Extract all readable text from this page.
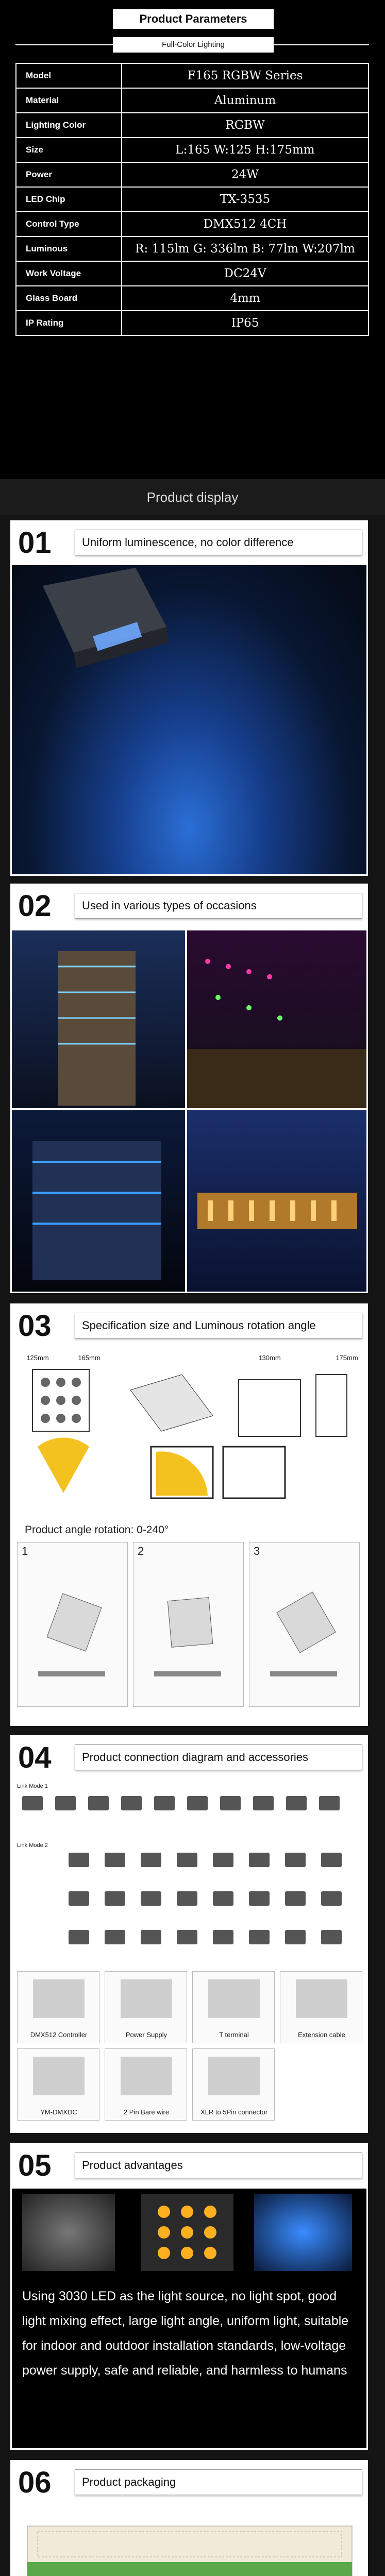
Product Parameters
Full-Color Lighting
Model	F165 RGBW Series
Material	Aluminum
Lighting Color	RGBW
Size	L:165 W:125 H:175mm
Power	24W
LED Chip	TX-3535
Control Type	DMX512 4CH
Luminous	R: 115lm G: 336lm B: 77lm W:207lm
Work Voltage	DC24V
Glass Board	4mm
IP Rating	IP65
Product display
01	Uniform luminescence, no color difference
02	Used in various types of occasions
03	Specification size and Luminous rotation angle
125mm	165mm	130mm	175mm
Product angle rotation: 0-240°
1	2	3
04	Product connection diagram and accessories
Link Mode 1
Link Mode 2
DMX512 Controller	Power Supply	T terminal	Extension cable
YM-DMXDC	2 Pin Bare wire	XLR to 5Pin connector
05	Product advantages
Using 3030 LED as the light source, no light spot, good light mixing effect, large light angle, uniform light, suitable for indoor and outdoor installation standards, low-voltage power supply, safe and reliable, and harmless to humans
06	Product packaging
